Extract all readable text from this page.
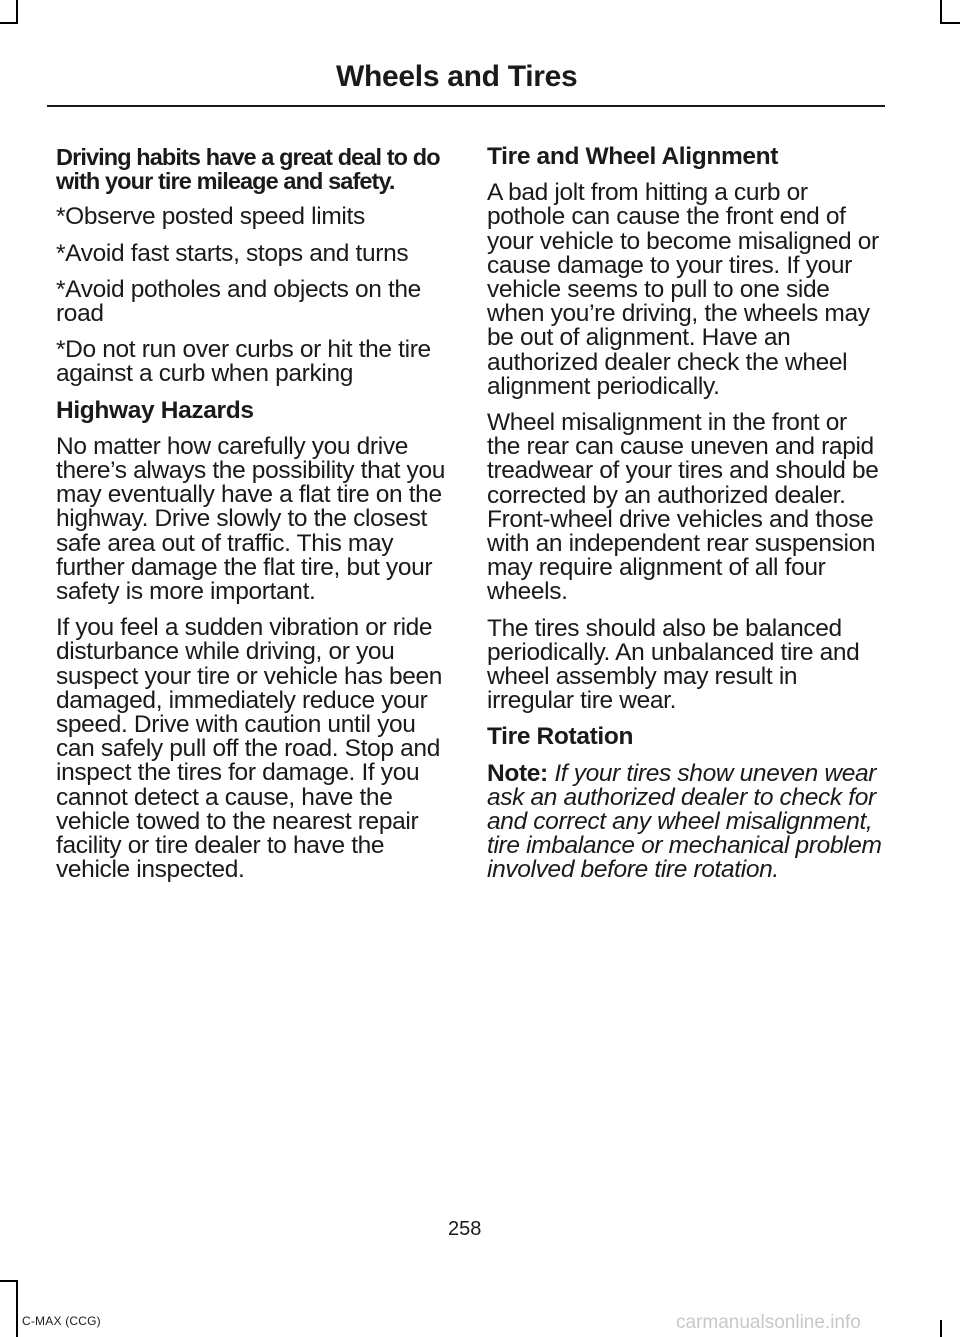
Wheels and Tires
Driving habits have a great deal to do with your tire mileage and safety.

*Observe posted speed limits

*Avoid fast starts, stops and turns

*Avoid potholes and objects on the road

*Do not run over curbs or hit the tire against a curb when parking

Highway Hazards

No matter how carefully you drive there’s always the possibility that you may eventually have a flat tire on the highway. Drive slowly to the closest safe area out of traffic. This may further damage the flat tire, but your safety is more important.

If you feel a sudden vibration or ride disturbance while driving, or you suspect your tire or vehicle has been damaged, immediately reduce your speed. Drive with caution until you can safely pull off the road. Stop and inspect the tires for damage. If you cannot detect a cause, have the vehicle towed to the nearest repair facility or tire dealer to have the vehicle inspected.

Tire and Wheel Alignment

A bad jolt from hitting a curb or pothole can cause the front end of your vehicle to become misaligned or cause damage to your tires. If your vehicle seems to pull to one side when you’re driving, the wheels may be out of alignment. Have an authorized dealer check the wheel alignment periodically.

Wheel misalignment in the front or the rear can cause uneven and rapid treadwear of your tires and should be corrected by an authorized dealer. Front-wheel drive vehicles and those with an independent rear suspension may require alignment of all four wheels.

The tires should also be balanced periodically. An unbalanced tire and wheel assembly may result in irregular tire wear.

Tire Rotation

Note: If your tires show uneven wear ask an authorized dealer to check for and correct any wheel misalignment, tire imbalance or mechanical problem involved before tire rotation.

258
C-MAX (CCG)	carmanualsonline.info
